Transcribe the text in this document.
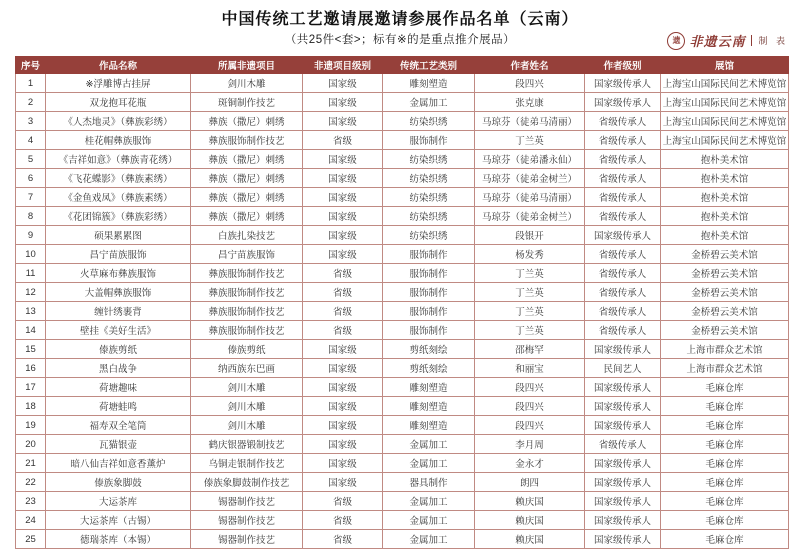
中国传统工艺邀请展邀请参展作品名单（云南）
（共25件<套>；标有※的是重点推介展品）	遗 非遗云南 制 表
序号	作品名称	所属非遗项目	非遗项目级别	传统工艺类别	作者姓名	作者级别	展馆
1	※浮雕博古挂屏	剑川木雕	国家级	雕刻塑造	段四兴	国家级传承人	上海宝山国际民间艺术博览馆
2	双龙抱耳花瓶	斑铜制作技艺	国家级	金属加工	张克康	国家级传承人	上海宝山国际民间艺术博览馆
3	《人杰地灵》（彝族彩绣）	彝族（撒尼）刺绣	国家级	纺染织绣	马琼芬（徒弟马清丽）	省级传承人	上海宝山国际民间艺术博览馆
4	桂花帽彝族服饰	彝族服饰制作技艺	省级	服饰制作	丁兰英	省级传承人	上海宝山国际民间艺术博览馆
5	《吉祥如意》（彝族青花绣）	彝族（撒尼）刺绣	国家级	纺染织绣	马琼芬（徒弟潘永仙）	省级传承人	抱朴美术馆
6	《飞花蝶影》（彝族素绣）	彝族（撒尼）刺绣	国家级	纺染织绣	马琼芬（徒弟金树兰）	省级传承人	抱朴美术馆
7	《金鱼戏凤》（彝族素绣）	彝族（撒尼）刺绣	国家级	纺染织绣	马琼芬（徒弟马清丽）	省级传承人	抱朴美术馆
8	《花团锦簇》（彝族彩绣）	彝族（撒尼）刺绣	国家级	纺染织绣	马琼芬（徒弟金树兰）	省级传承人	抱朴美术馆
9	硕果累累图	白族扎染技艺	国家级	纺染织绣	段银开	国家级传承人	抱朴美术馆
10	昌宁苗族服饰	昌宁苗族服饰	国家级	服饰制作	杨发秀	省级传承人	金桥碧云美术馆
11	火草麻布彝族服饰	彝族服饰制作技艺	省级	服饰制作	丁兰英	省级传承人	金桥碧云美术馆
12	大盖帽彝族服饰	彝族服饰制作技艺	省级	服饰制作	丁兰英	省级传承人	金桥碧云美术馆
13	缠针绣裹背	彝族服饰制作技艺	省级	服饰制作	丁兰英	省级传承人	金桥碧云美术馆
14	壁挂《美好生活》	彝族服饰制作技艺	省级	服饰制作	丁兰英	省级传承人	金桥碧云美术馆
15	傣族剪纸	傣族剪纸	国家级	剪纸刻绘	邵梅罕	国家级传承人	上海市群众艺术馆
16	黑白战争	纳西族东巴画	国家级	剪纸刻绘	和丽宝	民间艺人	上海市群众艺术馆
17	荷塘趣味	剑川木雕	国家级	雕刻塑造	段四兴	国家级传承人	毛麻仓库
18	荷塘蛙鸣	剑川木雕	国家级	雕刻塑造	段四兴	国家级传承人	毛麻仓库
19	福寿双全笔筒	剑川木雕	国家级	雕刻塑造	段四兴	国家级传承人	毛麻仓库
20	瓦猫银壶	鹤庆银器锻制技艺	国家级	金属加工	李月周	省级传承人	毛麻仓库
21	暗八仙吉祥如意香薰炉	乌铜走银制作技艺	国家级	金属加工	金永才	国家级传承人	毛麻仓库
22	傣族象脚鼓	傣族象脚鼓制作技艺	国家级	器具制作	朗四	国家级传承人	毛麻仓库
23	大运茶库	锡器制作技艺	省级	金属加工	赖庆国	国家级传承人	毛麻仓库
24	大运茶库（古锡）	锡器制作技艺	省级	金属加工	赖庆国	国家级传承人	毛麻仓库
25	德瑞茶库（本锡）	锡器制作技艺	省级	金属加工	赖庆国	国家级传承人	毛麻仓库
